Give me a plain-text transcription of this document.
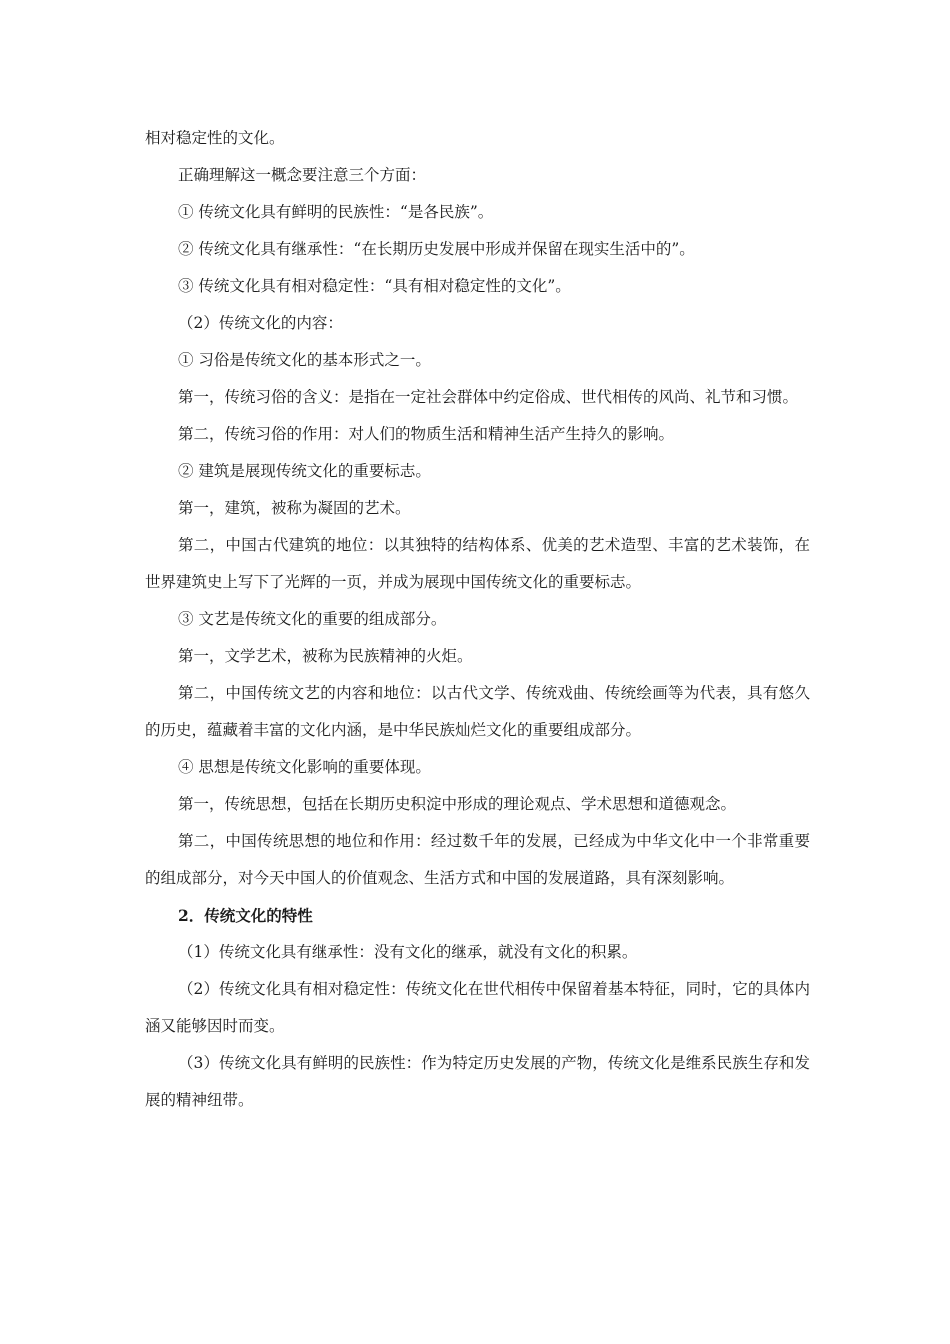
相对稳定性的文化。

正确理解这一概念要注意三个方面：

① 传统文化具有鲜明的民族性：“是各民族”。

② 传统文化具有继承性：“在长期历史发展中形成并保留在现实生活中的”。

③ 传统文化具有相对稳定性：“具有相对稳定性的文化”。

（2）传统文化的内容：

① 习俗是传统文化的基本形式之一。

第一，传统习俗的含义：是指在一定社会群体中约定俗成、世代相传的风尚、礼节和习惯。

第二，传统习俗的作用：对人们的物质生活和精神生活产生持久的影响。

② 建筑是展现传统文化的重要标志。

第一，建筑，被称为凝固的艺术。

第二，中国古代建筑的地位：以其独特的结构体系、优美的艺术造型、丰富的艺术装饰，在世界建筑史上写下了光辉的一页，并成为展现中国传统文化的重要标志。

③ 文艺是传统文化的重要的组成部分。

第一，文学艺术，被称为民族精神的火炬。

第二，中国传统文艺的内容和地位：以古代文学、传统戏曲、传统绘画等为代表，具有悠久的历史，蕴藏着丰富的文化内涵，是中华民族灿烂文化的重要组成部分。

④ 思想是传统文化影响的重要体现。

第一，传统思想，包括在长期历史积淀中形成的理论观点、学术思想和道德观念。

第二，中国传统思想的地位和作用：经过数千年的发展，已经成为中华文化中一个非常重要的组成部分，对今天中国人的价值观念、生活方式和中国的发展道路，具有深刻影响。

2．传统文化的特性

（1）传统文化具有继承性：没有文化的继承，就没有文化的积累。

（2）传统文化具有相对稳定性：传统文化在世代相传中保留着基本特征，同时，它的具体内涵又能够因时而变。

（3）传统文化具有鲜明的民族性：作为特定历史发展的产物，传统文化是维系民族生存和发展的精神纽带。
